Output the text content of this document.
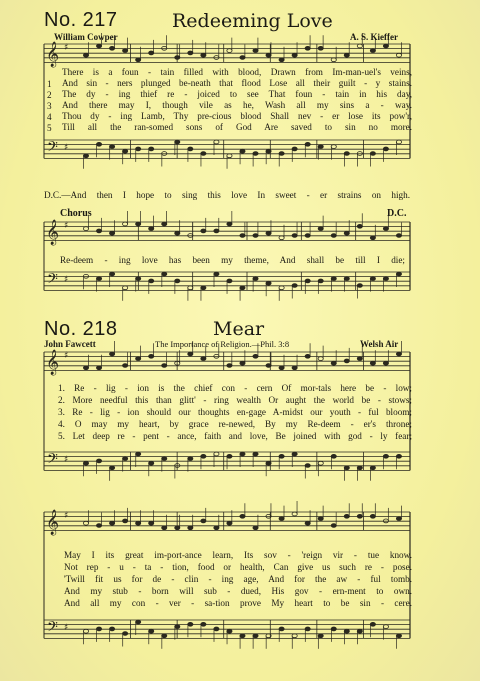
𝄞
𝄢
♯
♯
𝄞
𝄢
♯
♯
𝄞
𝄢
♯
♯
𝄞
𝄢
♯
♯
No. 217	Redeeming Love
William Cowper	A. S. Kieffer
1
2
3
4
5
There is a foun - tain filled with blood, Drawn from Im-man-uel's veins,
And sin - ners plunged be-neath that flood Lose all their guilt - y stains.
The dy - ing thief re - joiced to see That foun - tain in his day,
And there may I, though vile as he, Wash all my sins a - way.
Thou dy - ing Lamb, Thy pre-cious blood Shall nev - er lose its pow'r,
Till all the ran-somed sons of God Are saved to sin no more.
D.C.—And then I hope to sing this love In sweet - er strains on high.
Chorus	D.C.
Re-deem - ing love has been my theme, And shall be till I die;
No. 218	Mear
John Fawcett	The Importance of Religion.—Phil. 3:8	Welsh Air
1. Re - lig - ion is the chief con - cern Of mor-tals here be - low;
2. More needful this than glitt' - ring wealth Or aught the world be - stows;
3. Re - lig - ion should our thoughts en-gage A-midst our youth - ful bloom;
4. O may my heart, by grace re-newed, By my Re-deem - er's throne;
5. Let deep re - pent - ance, faith and love, Be joined with god - ly fear;
May I its great im-port-ance learn, Its sov - 'reign vir - tue know.
Not rep - u - ta - tion, food or health, Can give us such re - pose.
'Twill fit us for de - clin - ing age, And for the aw - ful tomb.
And my stub - born will sub - dued, His gov - ern-ment to own.
And all my con - ver - sa-tion prove My heart to be sin - cere.
